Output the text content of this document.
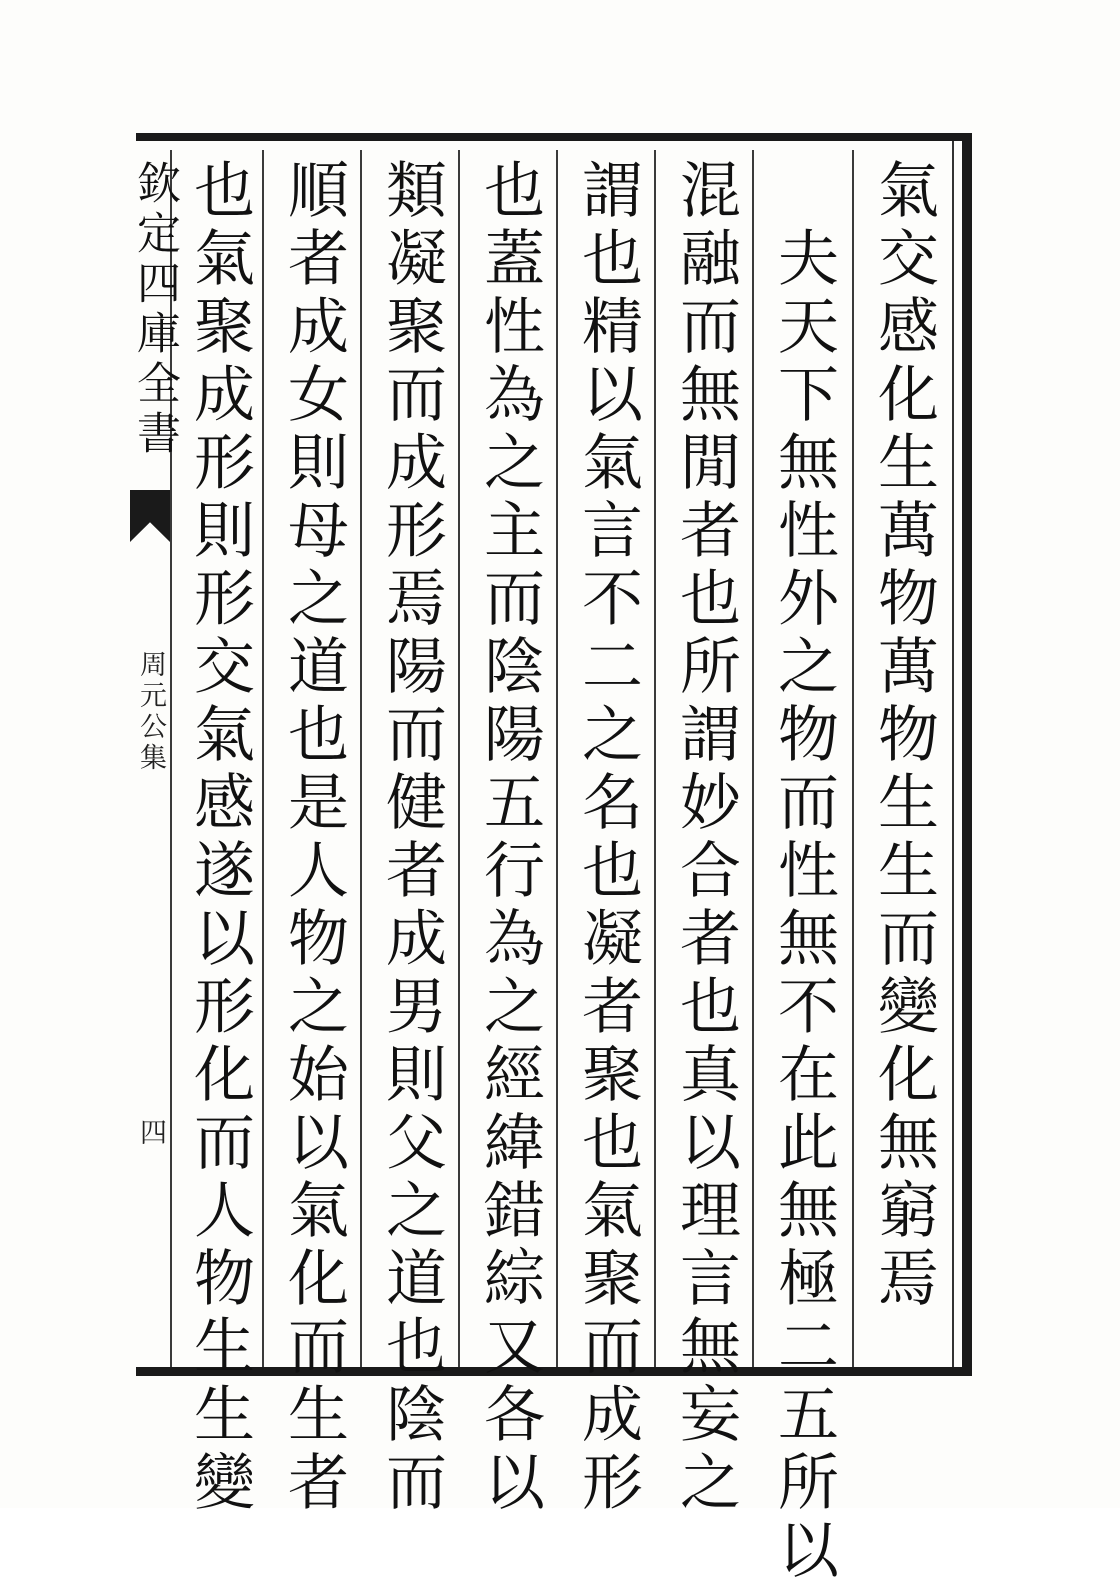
氣交感化生萬物萬物生生而變化無窮焉
夫天下無性外之物而性無不在此無極二五所以
混融而無閒者也所謂妙合者也真以理言無妄之
謂也精以氣言不二之名也凝者聚也氣聚而成形
也蓋性為之主而陰陽五行為之經緯錯綜又各以
類凝聚而成形焉陽而健者成男則父之道也陰而
順者成女則母之道也是人物之始以氣化而生者
也氣聚成形則形交氣感遂以形化而人物生生變
欽定四庫全書
周元公集
四
